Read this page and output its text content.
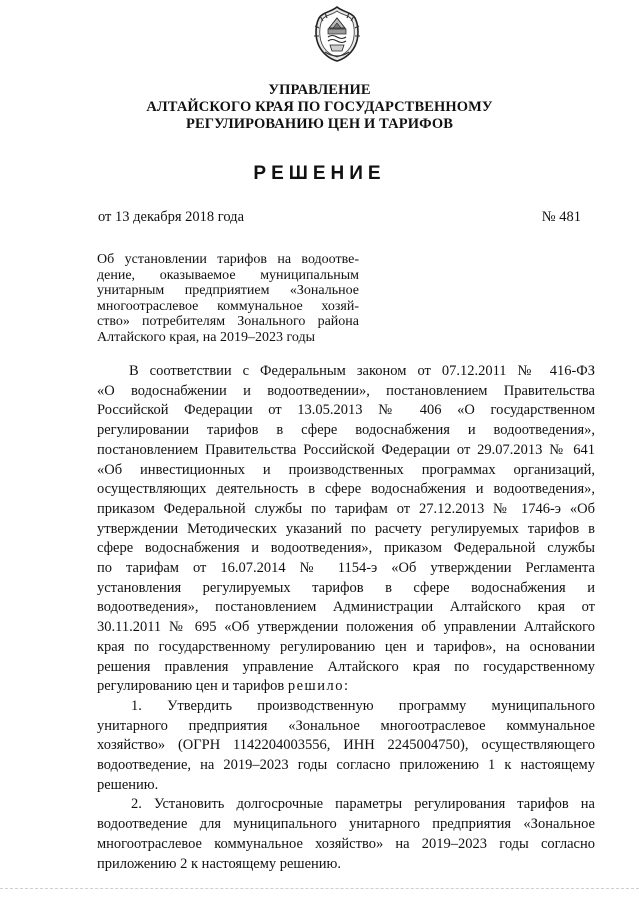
УПРАВЛЕНИЕ
АЛТАЙСКОГО КРАЯ ПО ГОСУДАРСТВЕННОМУ
РЕГУЛИРОВАНИЮ ЦЕН И ТАРИФОВ
РЕШЕНИЕ
от 13 декабря 2018 года	№ 481
Об установлении тарифов на водоотве-
дение, оказываемое муниципальным
унитарным предприятием «Зональное
многоотраслевое коммунальное хозяй-
ство» потребителям Зонального района
Алтайского края, на 2019–2023 годы
В соответствии с Федеральным законом от 07.12.2011 № 416-ФЗ
«О водоснабжении и водоотведении», постановлением Правительства
Российской Федерации от 13.05.2013 № 406 «О государственном
регулировании тарифов в сфере водоснабжения и водоотведения»,
постановлением Правительства Российской Федерации от 29.07.2013 № 641
«Об инвестиционных и производственных программах организаций,
осуществляющих деятельность в сфере водоснабжения и водоотведения»,
приказом Федеральной службы по тарифам от 27.12.2013 № 1746-э «Об
утверждении Методических указаний по расчету регулируемых тарифов в
сфере водоснабжения и водоотведения», приказом Федеральной службы
по тарифам от 16.07.2014 № 1154-э «Об утверждении Регламента
установления регулируемых тарифов в сфере водоснабжения и
водоотведения», постановлением Администрации Алтайского края от
30.11.2011 № 695 «Об утверждении положения об управлении Алтайского
края по государственному регулированию цен и тарифов», на основании
решения правления управление Алтайского края по государственному
регулированию цен и тарифов решило:
1. Утвердить производственную программу муниципального
унитарного предприятия «Зональное многоотраслевое коммунальное
хозяйство» (ОГРН 1142204003556, ИНН 2245004750), осуществляющего
водоотведение, на 2019–2023 годы согласно приложению 1 к настоящему
решению.
2. Установить долгосрочные параметры регулирования тарифов на
водоотведение для муниципального унитарного предприятия «Зональное
многоотраслевое коммунальное хозяйство» на 2019–2023 годы согласно
приложению 2 к настоящему решению.
